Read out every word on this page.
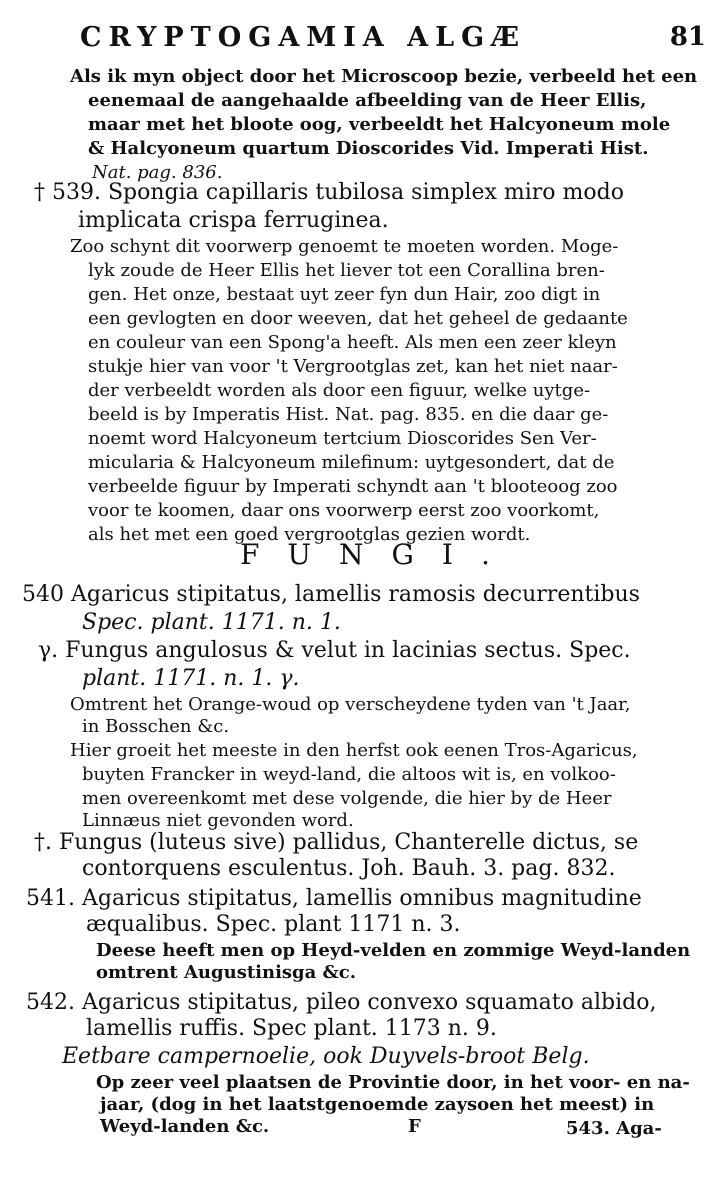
CRYPTOGAMIA ALGÆ	81
Als ik myn object door het Microscoop bezie, verbeeld het een
eenemaal de aangehaalde afbeelding van de Heer Ellis,
maar met het bloote oog, verbeeldt het Halcyoneum mole
& Halcyoneum quartum Dioscorides Vid. Imperati Hist.
Nat. pag. 836.
† 539. Spongia capillaris tubilosa simplex miro modo
implicata crispa ferruginea.
Zoo schynt dit voorwerp genoemt te moeten worden. Moge-
lyk zoude de Heer Ellis het liever tot een Corallina bren-
gen. Het onze, bestaat uyt zeer fyn dun Hair, zoo digt in
een gevlogten en door weeven, dat het geheel de gedaante
en couleur van een Spong'a heeft. Als men een zeer kleyn
stukje hier van voor 't Vergrootglas zet, kan het niet naar-
der verbeeldt worden als door een figuur, welke uytge-
beeld is by Imperatis Hist. Nat. pag. 835. en die daar ge-
noemt word Halcyoneum tertcium Dioscorides Sen Ver-
micularia & Halcyoneum milefinum: uytgesondert, dat de
verbeelde figuur by Imperati schyndt aan 't blooteoog zoo
voor te koomen, daar ons voorwerp eerst zoo voorkomt,
als het met een goed vergrootglas gezien wordt.
540 Agaricus stipitatus, lamellis ramosis decurrentibus
Spec. plant. 1171. n. 1.
γ. Fungus angulosus & velut in lacinias sectus. Spec.
plant. 1171. n. 1. γ.
Omtrent het Orange-woud op verscheydene tyden van 't Jaar,
in Bosschen &c.
Hier groeit het meeste in den herfst ook eenen Tros-Agaricus,
buyten Francker in weyd-land, die altoos wit is, en volkoo-
men overeenkomt met dese volgende, die hier by de Heer
Linnæus niet gevonden word.
†. Fungus (luteus sive) pallidus, Chanterelle dictus, se
contorquens esculentus. Joh. Bauh. 3. pag. 832.
541. Agaricus stipitatus, lamellis omnibus magnitudine
æqualibus. Spec. plant 1171 n. 3.
Deese heeft men op Heyd-velden en zommige Weyd-landen
omtrent Augustinisga &c.
542. Agaricus stipitatus, pileo convexo squamato albido,
lamellis ruffis. Spec plant. 1173 n. 9.
Eetbare campernoelie, ook Duyvels-broot Belg.
Op zeer veel plaatsen de Provintie door, in het voor- en na-
jaar, (dog in het laatstgenoemde zaysoen het meest) in
Weyd-landen &c.	F	543. Aga-
FUNGI.
